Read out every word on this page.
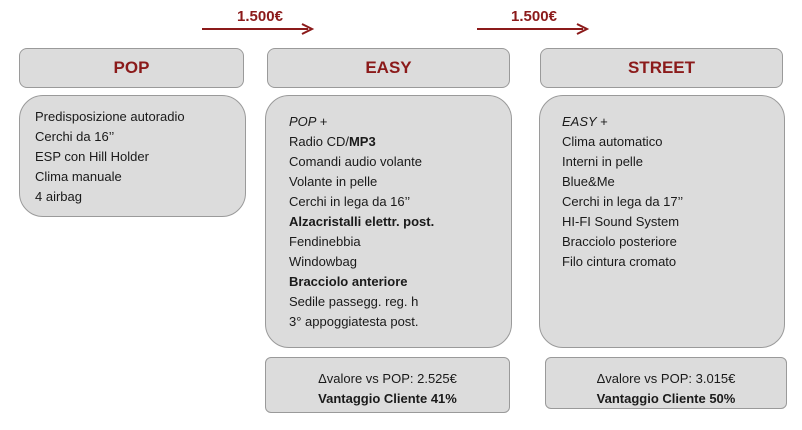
1.500€	1.500€
POP
Predisposizione autoradio
Cerchi da 16’’
ESP con Hill Holder
Clima manuale
4 airbag
EASY
POP +
Radio CD/MP3
Comandi audio volante
Volante in pelle
Cerchi in lega da 16’’
Alzacristalli elettr. post.
Fendinebbia
Windowbag
Bracciolo anteriore
Sedile passegg. reg. h
3° appoggiatesta post.
Δvalore vs POP: 2.525€
Vantaggio Cliente 41%
STREET
EASY +
Clima automatico
Interni in pelle
Blue&Me
Cerchi in lega da 17’’
HI-FI Sound System
Bracciolo posteriore
Filo cintura cromato
Δvalore vs POP: 3.015€
Vantaggio Cliente 50%
